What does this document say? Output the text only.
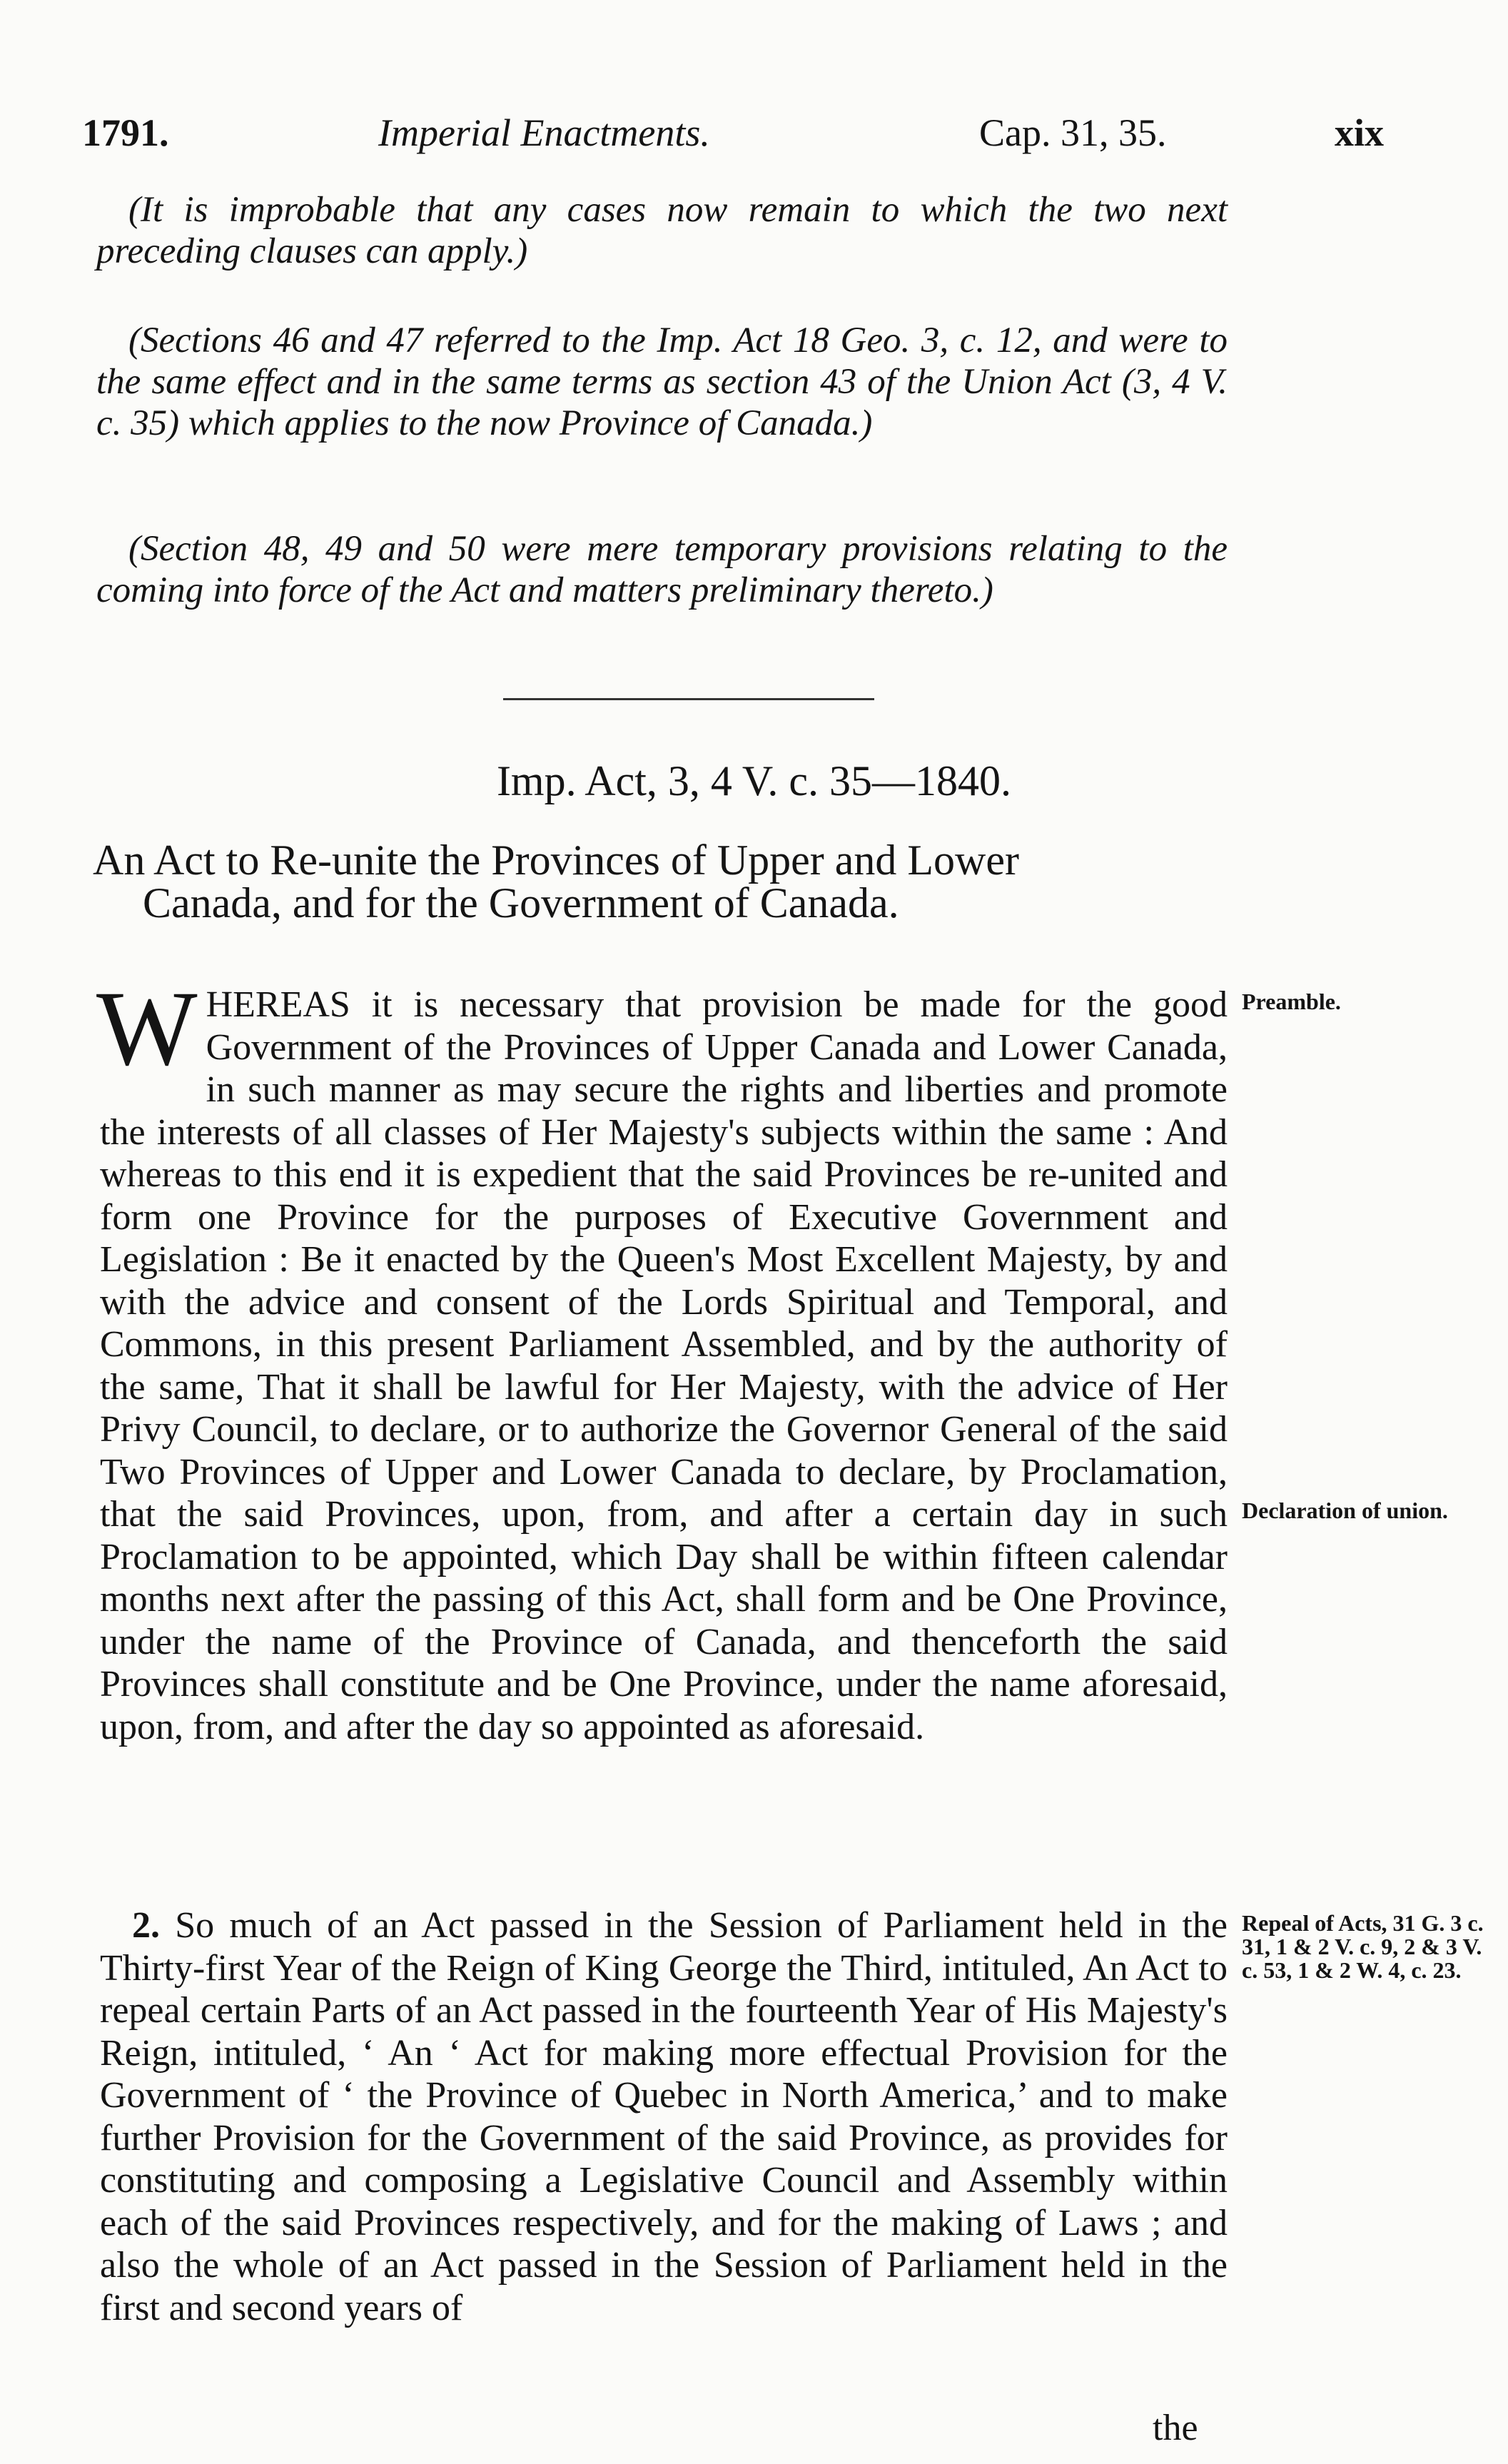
1791.	Imperial Enactments.	Cap. 31, 35.	xix

(It is improbable that any cases now remain to which the two next preceding clauses can apply.)

(Sections 46 and 47 referred to the Imp. Act 18 Geo. 3, c. 12, and were to the same effect and in the same terms as section 43 of the Union Act (3, 4 V. c. 35) which applies to the now Province of Canada.)

(Section 48, 49 and 50 were mere temporary provisions relating to the coming into force of the Act and matters preliminary thereto.)

Imp. Act, 3, 4 V. c. 35—1840.
An Act to Re-unite the Provinces of Upper and Lower
Canada, and for the Government of Canada.
WHEREAS it is necessary that provision be made for the good Government of the Provinces of Upper Canada and Lower Canada, in such manner as may secure the rights and liberties and promote the interests of all classes of Her Majesty's subjects within the same : And whereas to this end it is expedient that the said Provinces be re-united and form one Province for the purposes of Executive Government and Legislation : Be it enacted by the Queen's Most Excellent Majesty, by and with the advice and consent of the Lords Spiritual and Temporal, and Commons, in this present Parliament Assembled, and by the authority of the same, That it shall be lawful for Her Majesty, with the advice of Her Privy Council, to declare, or to authorize the Governor General of the said Two Provinces of Upper and Lower Canada to declare, by Proclamation, that the said Provinces, upon, from, and after a certain day in such Proclamation to be appointed, which Day shall be within fifteen calendar months next after the passing of this Act, shall form and be One Province, under the name of the Province of Canada, and thenceforth the said Provinces shall constitute and be One Province, under the name aforesaid, upon, from, and after the day so appointed as aforesaid.
2. So much of an Act passed in the Session of Parliament held in the Thirty-first Year of the Reign of King George the Third, intituled, An Act to repeal certain Parts of an Act passed in the fourteenth Year of His Majesty's Reign, intituled, ‘ An ‘ Act for making more effectual Provision for the Government of ‘ the Province of Quebec in North America,’ and to make further Provision for the Government of the said Province, as provides for constituting and composing a Legislative Council and Assembly within each of the said Provinces respectively, and for the making of Laws ; and also the whole of an Act passed in the Session of Parliament held in the first and second years of
the
Preamble.
Declaration of union.
Repeal of Acts, 31 G. 3 c. 31, 1 & 2 V. c. 9, 2 & 3 V. c. 53, 1 & 2 W. 4, c. 23.
